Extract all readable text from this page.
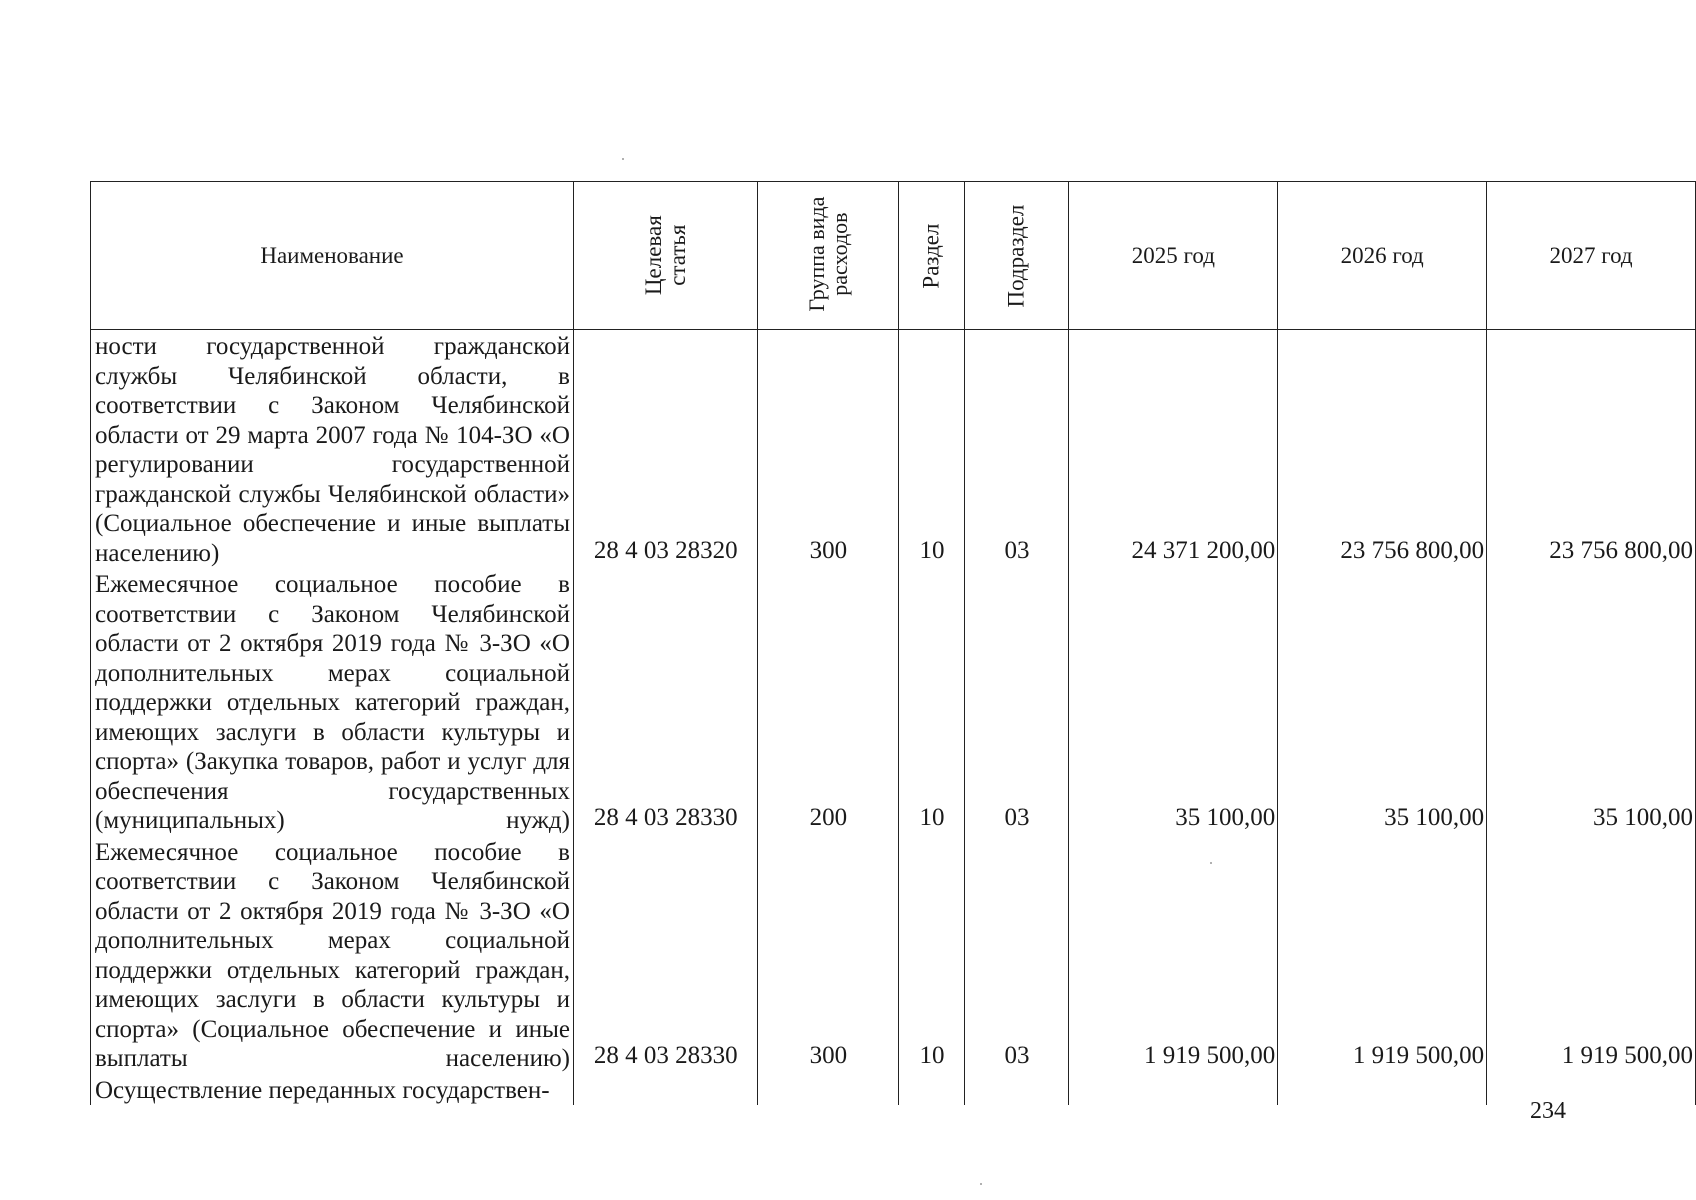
Наименование	Целевая статья	Группа вида расходов	Раздел	Подраздел	2025 год	2026 год	2027 год
ности государственной гражданской службы Челябинской области, в соответствии с Законом Челябинской области от 29 марта 2007 года № 104-ЗО «О регулировании государственной гражданской службы Челябинской области» (Социальное обеспечение и иные выплаты населению)	28 4 03 28320	300	10	03	24 371 200,00	23 756 800,00	23 756 800,00
Ежемесячное социальное пособие в соответствии с Законом Челябинской области от 2 октября 2019 года № 3-ЗО «О дополнительных мерах социальной поддержки отдельных категорий граждан, имеющих заслуги в области культуры и спорта» (Закупка товаров, работ и услуг для обеспечения государственных (муниципальных) нужд)	28 4 03 28330	200	10	03	35 100,00	35 100,00	35 100,00
Ежемесячное социальное пособие в соответствии с Законом Челябинской области от 2 октября 2019 года № 3-ЗО «О дополнительных мерах социальной поддержки отдельных категорий граждан, имеющих заслуги в области культуры и спорта» (Социальное обеспечение и иные выплаты населению)	28 4 03 28330	300	10	03	1 919 500,00	1 919 500,00	1 919 500,00
Осуществление переданных государствен-							
234
